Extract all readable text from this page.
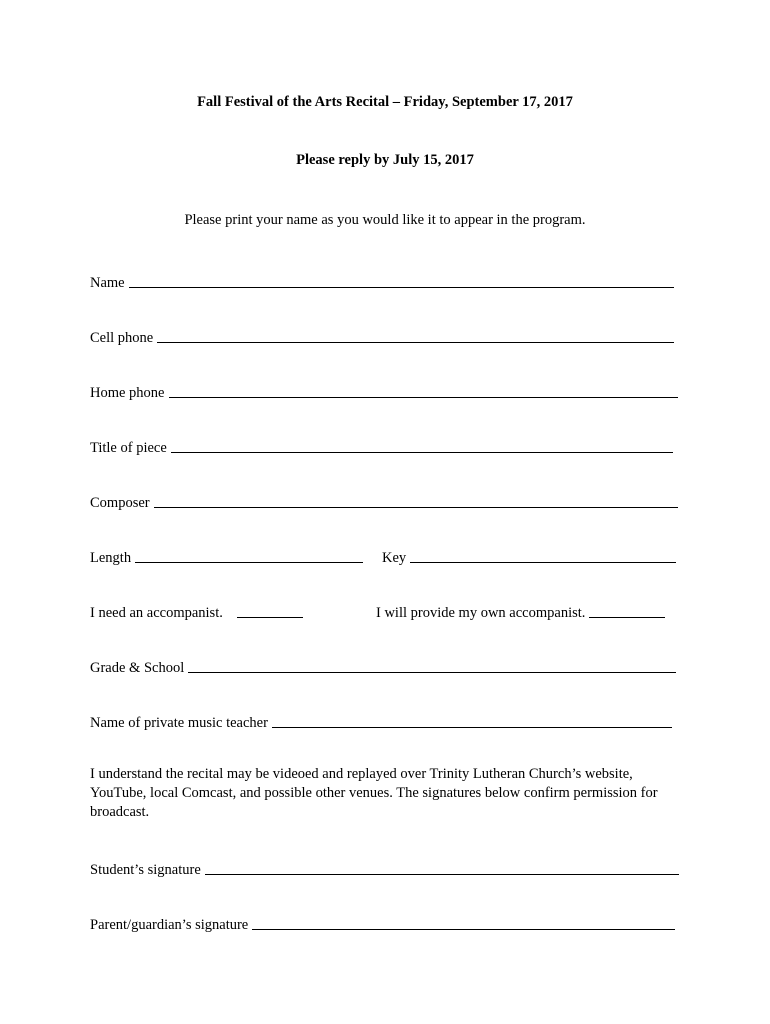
Fall Festival of the Arts Recital – Friday, September 17, 2017
Please reply by July 15, 2017
Please print your name as you would like it to appear in the program.
Name
Cell phone
Home phone
Title of piece
Composer
Length	Key
I need an accompanist.	I will provide my own accompanist.
Grade & School
Name of private music teacher

I understand the recital may be videoed and replayed over Trinity Lutheran Church’s website, YouTube, local Comcast, and possible other venues. The signatures below confirm permission for broadcast.

Student’s signature
Parent/guardian’s signature
